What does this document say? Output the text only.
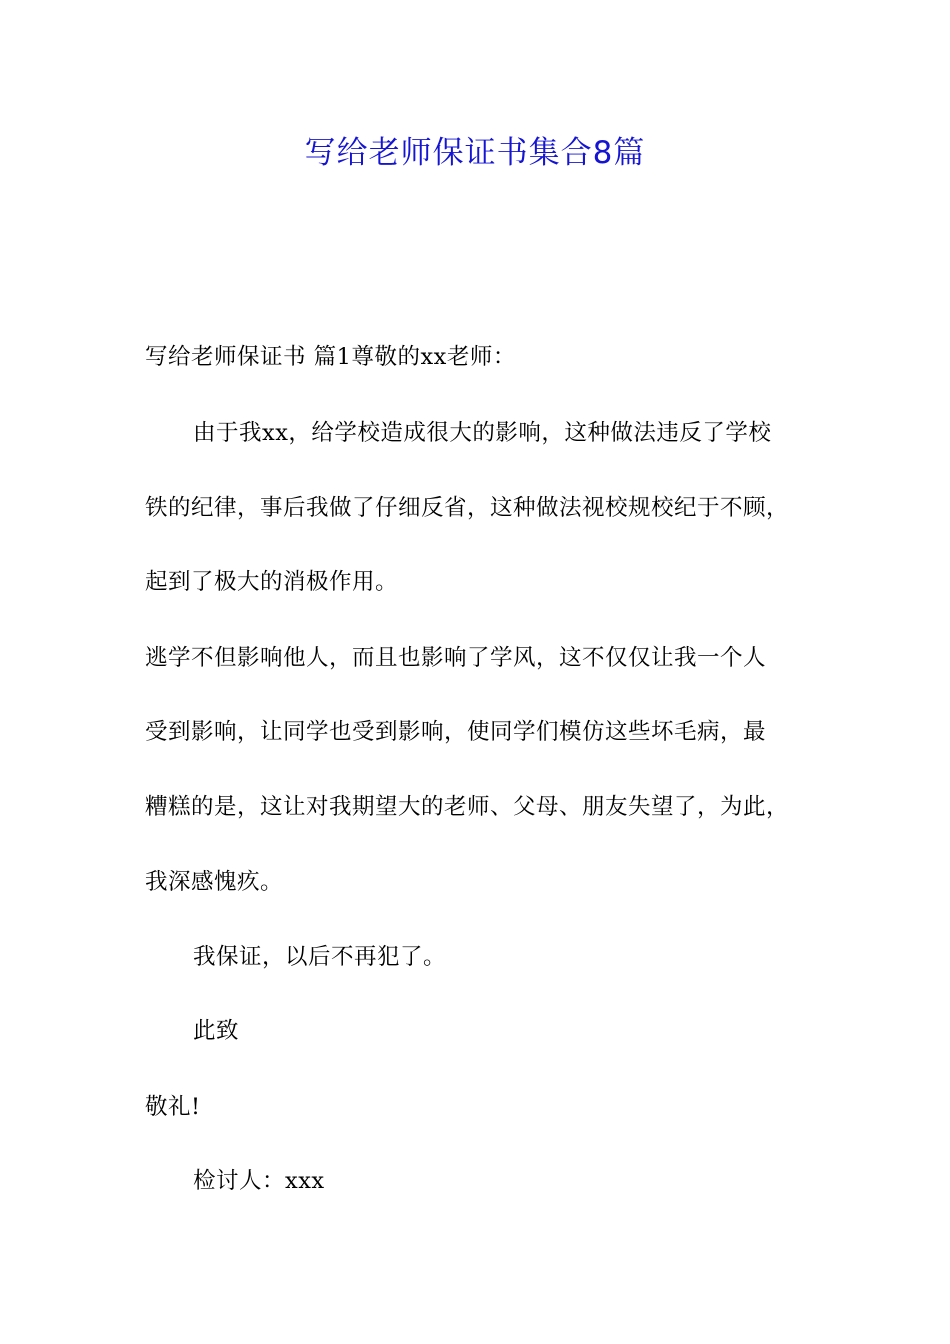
写给老师保证书集合8篇
写给老师保证书 篇1尊敬的xx老师：
由于我xx，给学校造成很大的影响，这种做法违反了学校
铁的纪律，事后我做了仔细反省，这种做法视校规校纪于不顾，
起到了极大的消极作用。
逃学不但影响他人，而且也影响了学风，这不仅仅让我一个人
受到影响，让同学也受到影响，使同学们模仿这些坏毛病，最
糟糕的是，这让对我期望大的老师、父母、朋友失望了，为此，
我深感愧疚。
我保证，以后不再犯了。
此致
敬礼!
检讨人：xxx
